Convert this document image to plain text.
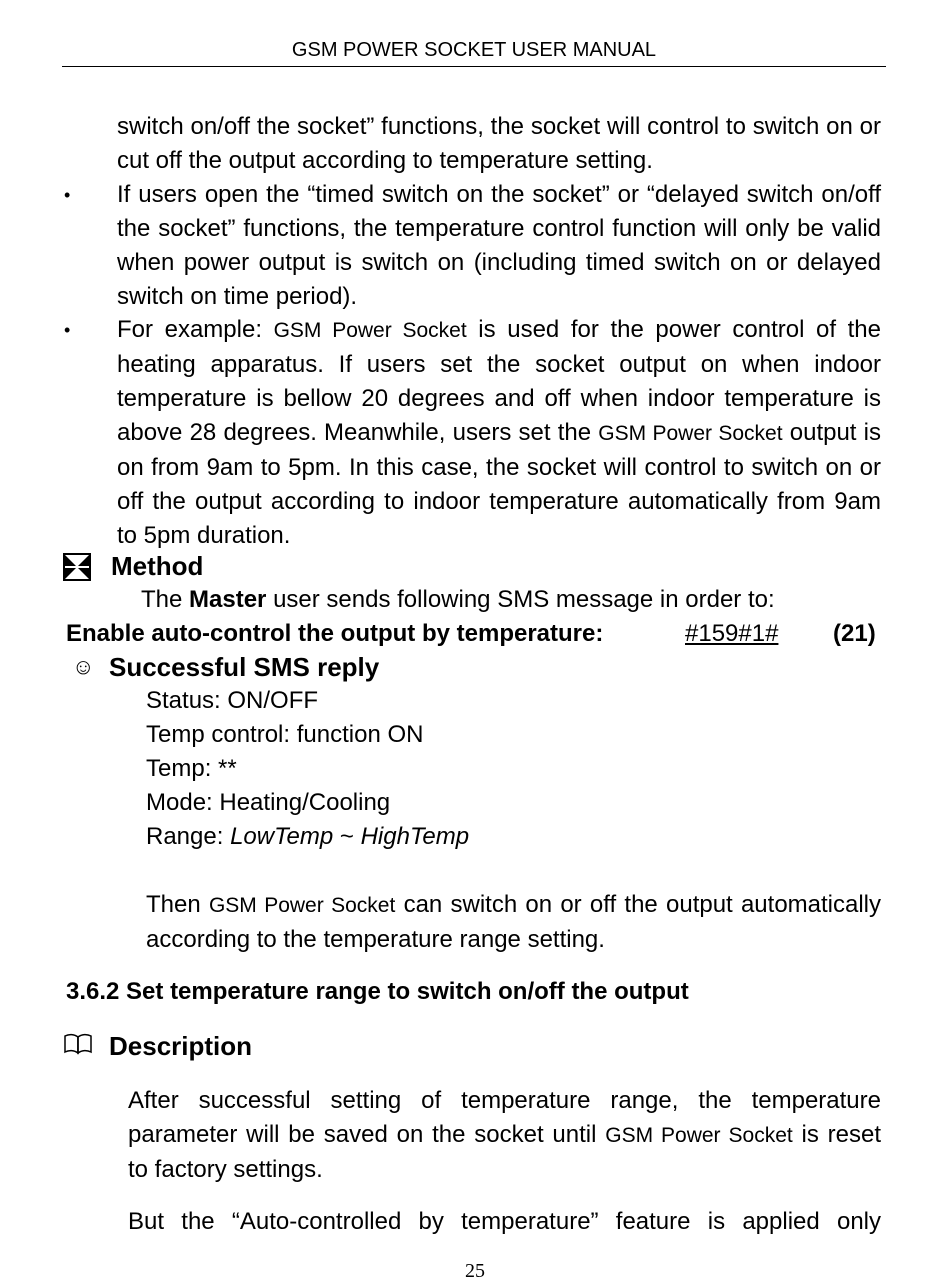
GSM POWER SOCKET USER MANUAL

switch on/off the socket” functions, the socket will control to switch on or cut off the output according to temperature setting.

• If users open the “timed switch on the socket” or “delayed switch on/off the socket” functions, the temperature control function will only be valid when power output is switch on (including timed switch on or delayed switch on time period).

• For example: GSM Power Socket is used for the power control of the heating apparatus. If users set the socket output on when indoor temperature is bellow 20 degrees and off when indoor temperature is above 28 degrees. Meanwhile, users set the GSM Power Socket output is on from 9am to 5pm. In this case, the socket will control to switch on or off the output according to indoor temperature automatically from 9am to 5pm duration.

Method
The Master user sends following SMS message in order to:
Enable auto-control the output by temperature:	#159#1# (21)
☺ Successful SMS reply
Status: ON/OFF
Temp control: function ON
Temp: **
Mode: Heating/Cooling
Range: LowTemp ~ HighTemp

Then GSM Power Socket can switch on or off the output automatically according to the temperature range setting.

3.6.2 Set temperature range to switch on/off the output
Description

After successful setting of temperature range, the temperature parameter will be saved on the socket until GSM Power Socket is reset to factory settings.

But the “Auto-controlled by temperature” feature is applied only

25
